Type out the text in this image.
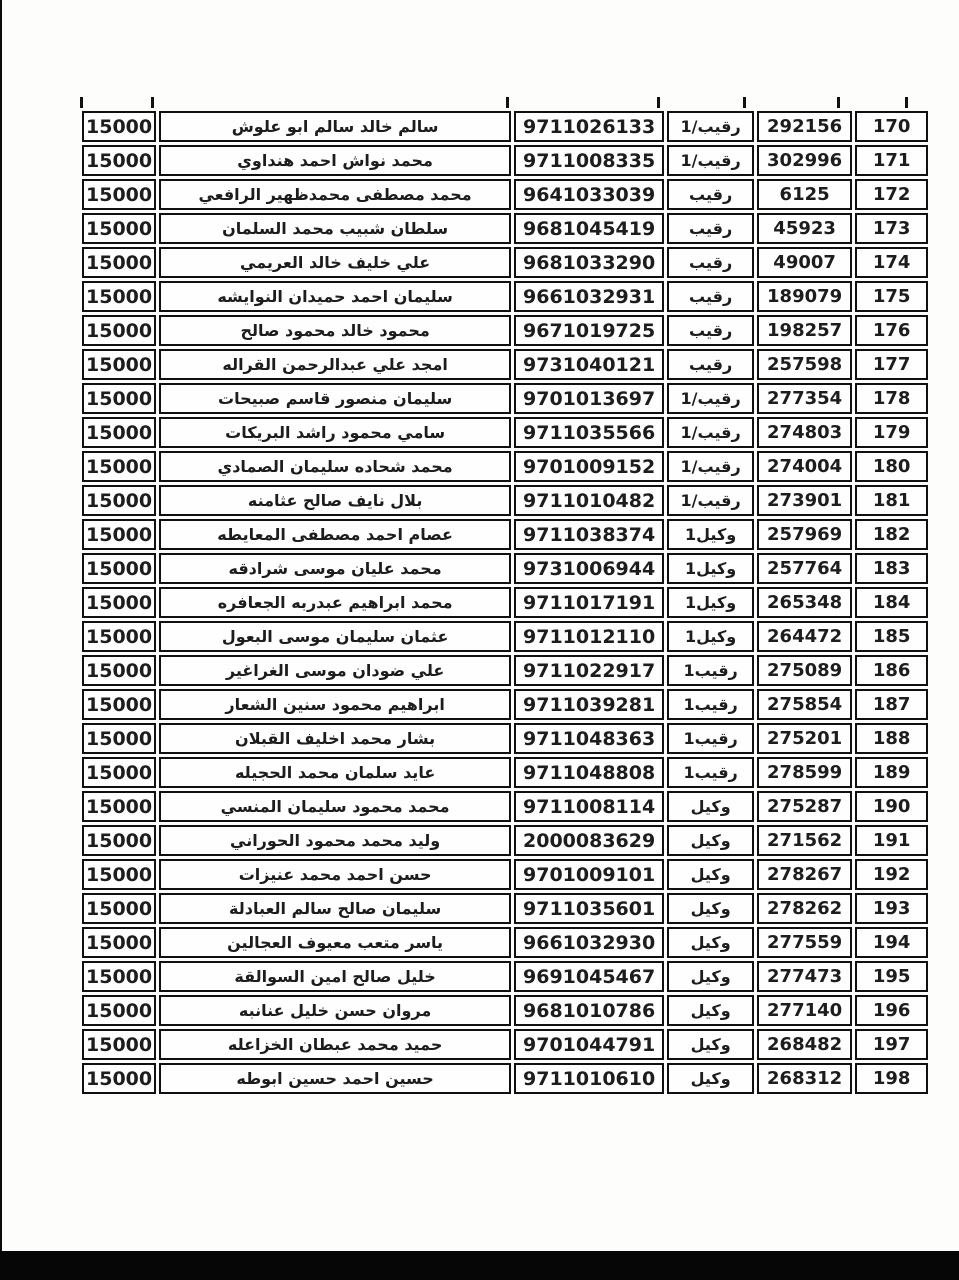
15000	سالم خالد سالم ابو علوش	9711026133	رقيب/1	292156	170
15000	محمد نواش احمد هنداوي	9711008335	رقيب/1	302996	171
15000	محمد مصطفى محمدظهير الرافعي	9641033039	رقيب	6125	172
15000	سلطان شبيب محمد السلمان	9681045419	رقيب	45923	173
15000	علي خليف خالد العريمي	9681033290	رقيب	49007	174
15000	سليمان احمد حميدان النوايشه	9661032931	رقيب	189079	175
15000	محمود خالد محمود صالح	9671019725	رقيب	198257	176
15000	امجد علي عبدالرحمن القراله	9731040121	رقيب	257598	177
15000	سليمان منصور قاسم صبيحات	9701013697	رقيب/1	277354	178
15000	سامي محمود راشد البريكات	9711035566	رقيب/1	274803	179
15000	محمد شحاده سليمان الصمادي	9701009152	رقيب/1	274004	180
15000	بلال نايف صالح عثامنه	9711010482	رقيب/1	273901	181
15000	عصام احمد مصطفى المعايطه	9711038374	وكيل1	257969	182
15000	محمد عليان موسى شرادقه	9731006944	وكيل1	257764	183
15000	محمد ابراهيم عبدربه الجعافره	9711017191	وكيل1	265348	184
15000	عثمان سليمان موسى البعول	9711012110	وكيل1	264472	185
15000	علي ضودان موسى الغراغير	9711022917	رقيب1	275089	186
15000	ابراهيم محمود سنين الشعار	9711039281	رقيب1	275854	187
15000	بشار محمد اخليف القبلان	9711048363	رقيب1	275201	188
15000	عايد سلمان محمد الحجيله	9711048808	رقيب1	278599	189
15000	محمد محمود سليمان المنسي	9711008114	وكيل	275287	190
15000	وليد محمد محمود الحوراني	2000083629	وكيل	271562	191
15000	حسن احمد محمد عنيزات	9701009101	وكيل	278267	192
15000	سليمان صالح سالم العبادلة	9711035601	وكيل	278262	193
15000	ياسر متعب معيوف العجالين	9661032930	وكيل	277559	194
15000	خليل صالح امين السوالقة	9691045467	وكيل	277473	195
15000	مروان حسن خليل عنانبه	9681010786	وكيل	277140	196
15000	حميد محمد عبطان الخزاعله	9701044791	وكيل	268482	197
15000	حسين احمد حسين ابوطه	9711010610	وكيل	268312	198
